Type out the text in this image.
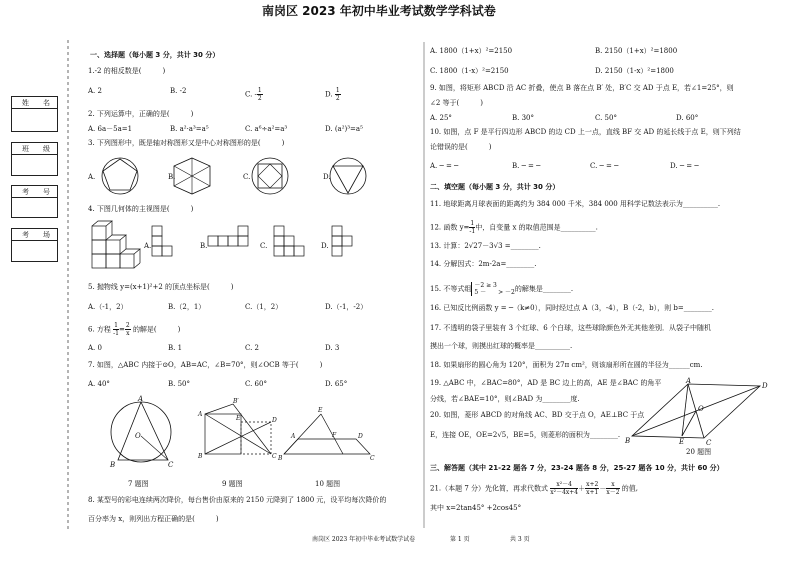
南岗区 2023 年初中毕业考试数学学科试卷
姓　　名
班　　级
考　　号
考　　场
一、选择题（每小题 3 分，共计 30 分）
1.-2 的相反数是(　　　)
A. 2	B. -2	C. - $\frac{1}{2}$	D. $\frac{1}{2}$
2. 下列运算中，正确的是(　　　)
A. 6a－5a=1	B. a²·a³=a⁵	C. a⁶÷a²=a³	D. (a²)³=a⁵
3. 下列图形中，既是轴对称图形又是中心对称图形的是(　　　)
A.	B.	C.	D.
4. 下图几何体的主视图是(　　　)
A.	B.	C.	D.
5. 抛物线 y=(x+1)²+2 的顶点坐标是(　　　)
A.（-1，2）	B.（2，1）	C.（1，2）	D.（-1，-2）
6. 方程 $\frac{1}{-1} = \frac{2}{x}$ 的解是(　　　)
A. 0	B. 1	C. 2	D. 3
7. 如图，△ABC 内接于⊙O，AB=AC，∠B=70°，则∠OCB 等于(　　　)
A. 40°	B. 50°	C. 60°	D. 65°
A
B	C
O
B′
A
B	C
D
E
E
A
B	C
D
F
7 题图	9 题图	10 题图
8. 某型号的彩电连续两次降价，每台售价由原来的 2150 元降到了 1800 元，设平均每次降价的
百分率为 x，则列出方程正确的是(　　　)
A. 1800（1+x）²=2150	B. 2150（1+x）²=1800
C. 1800（1-x）²=2150	D. 2150（1-x）²=1800
9. 如图，将矩形 ABCD 沿 AC 折叠，使点 B 落在点 B′ 处，B′C 交 AD 于点 E，若∠1=25°，则
∠2 等于(　　　)
A. 25°	B. 30°	C. 50°	D. 60°
10. 如图，点 F 是平行四边形 ABCD 的边 CD 上一点，直线 BF 交 AD 的延长线于点 E，则下列结
论错误的是(　　　)
A. ─ = ─	B. ─ = ─	C. ─ = ─	D. ─ = ─
二、填空题（每小题 3 分，共计 30 分）
11. 地球距离月球表面的距离约为 384 000 千米，384 000 用科学记数法表示为__________.
12. 函数 $y= \frac{1}{-1}$ 中，自变量 x 的取值范围是__________.
13. 计算：2√27－3√3 =________.
14. 分解因式：2m-2a=________.
15. 不等式组 －2 ≥ 3
5 －　　> －2 的解集是________.
16. 已知反比例函数 y = ─（k≠0），同时经过点 A（3，-4），B（-2，b），则 b=________.
17. 不透明的袋子里装有 3 个红球、6 个白球，这些球除颜色外无其他差别．从袋子中随机
摸出一个球，则摸出红球的概率是__________.
18. 如果扇形的圆心角为 120°，面积为 27π cm²，则该扇形所在圆的半径为______cm.
19. △ABC 中，∠BAC=80°，AD 是 BC 边上的高，AE 是∠BAC 的角平
分线，若∠BAE=10°，则∠BAD 为________度.
20. 如图，菱形 ABCD 的对角线 AC、BD 交于点 O，AE⊥BC 于点
E，连接 OE，OE=2√5，BE=5，则菱形的面积为________.
A
D
B	C
E
O
20 题图
三、解答题（其中 21-22 题各 7 分，23-24 题各 8 分，25-27 题各 10 分，共计 60 分）
21.（本题 7 分）先化简，再求代数式 $\frac{\text{x²－4}}{\text{x²－4x+4}} + \frac{x+2}{x+1} - \frac{x}{x-2}$ 的值,
其中 x=2tan45° +2cos45°
南岗区 2023 年初中毕业考试数学试卷	第 1 页	共 3 页
